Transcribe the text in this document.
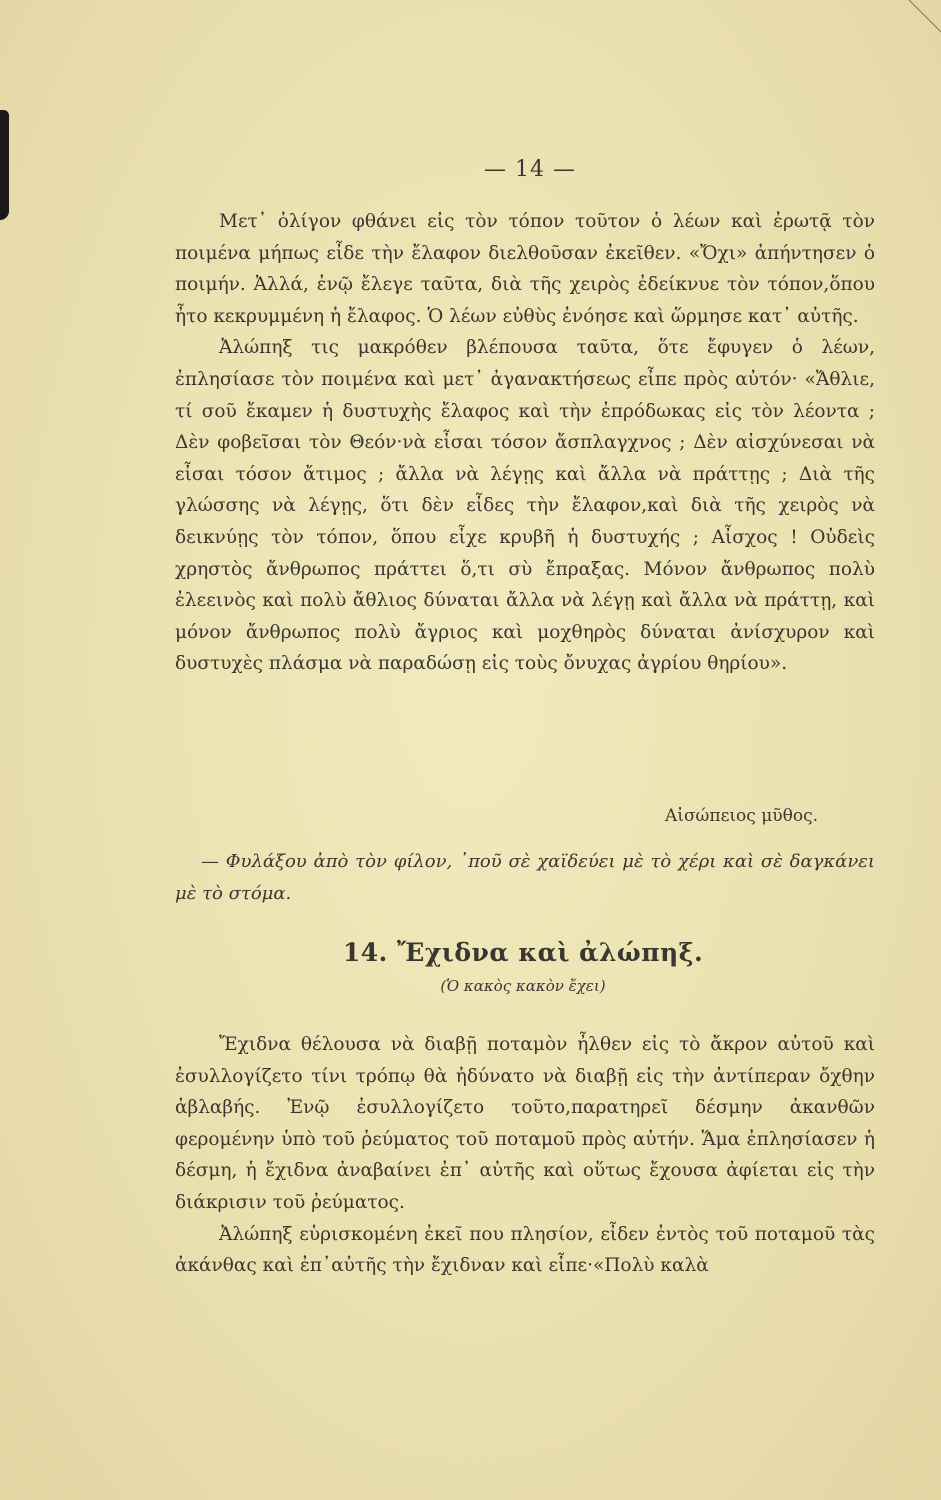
— 14 —

Μετ᾽ ὀλίγον φθάνει εἰς τὸν τόπον τοῦτον ὁ λέων καὶ ἐρωτᾷ τὸν ποιμένα μήπως εἶδε τὴν ἔλαφον διελθοῦσαν ἐκεῖθεν. «Ὄχι» ἀπήντησεν ὁ ποιμήν. Ἀλλά, ἐνῷ ἔλεγε ταῦτα, διὰ τῆς χειρὸς ἐδείκνυε τὸν τόπον,ὅπου ἦτο κεκρυμμένη ἡ ἔλαφος. Ὁ λέων εὐθὺς ἐνόησε καὶ ὥρμησε κατ᾽ αὐτῆς.

Ἀλώπηξ τις μακρόθεν βλέπουσα ταῦτα, ὅτε ἔφυγεν ὁ λέων, ἐπλησίασε τὸν ποιμένα καὶ μετ᾽ ἀγανακτήσεως εἶπε πρὸς αὐτόν· «Ἄθλιε, τί σοῦ ἔκαμεν ἡ δυστυχὴς ἔλαφος καὶ τὴν ἐπρόδωκας εἰς τὸν λέοντα ; Δὲν φοβεῖσαι τὸν Θεόν·νὰ εἶσαι τόσον ἄσπλαγχνος ; Δὲν αἰσχύνεσαι νὰ εἶσαι τόσον ἄτιμος ; ἄλλα νὰ λέγῃς καὶ ἄλλα νὰ πράττῃς ; Διὰ τῆς γλώσσης νὰ λέγῃς, ὅτι δὲν εἶδες τὴν ἔλαφον,καὶ διὰ τῆς χειρὸς νὰ δεικνύῃς τὸν τόπον, ὅπου εἶχε κρυβῆ ἡ δυστυχής ; Αἶσχος ! Οὐδεὶς χρηστὸς ἄνθρωπος πράττει ὅ,τι σὺ ἔπραξας. Μόνον ἄνθρωπος πολὺ ἐλεεινὸς καὶ πολὺ ἄθλιος δύναται ἄλλα νὰ λέγῃ καὶ ἄλλα νὰ πράττῃ, καὶ μόνον ἄνθρωπος πολὺ ἄγριος καὶ μοχθηρὸς δύναται ἀνίσχυρον καὶ δυστυχὲς πλάσμα νὰ παραδώσῃ εἰς τοὺς ὄνυχας ἀγρίου θηρίου».

Αἰσώπειος μῦθος.
— Φυλάξου ἀπὸ τὸν φίλον, ᾽ποῦ σὲ χαϊδεύει μὲ τὸ χέρι καὶ σὲ δαγκάνει μὲ τὸ στόμα.
14. Ἔχιδνα καὶ ἀλώπηξ.
(Ὁ κακὸς κακὸν ἔχει)

Ἔχιδνα θέλουσα νὰ διαβῇ ποταμὸν ἦλθεν εἰς τὸ ἄκρον αὐτοῦ καὶ ἐσυλλογίζετο τίνι τρόπῳ θὰ ἠδύνατο νὰ διαβῇ εἰς τὴν ἀντίπεραν ὄχθην ἀβλαβής. Ἐνῷ ἐσυλλογίζετο τοῦτο,παρατηρεῖ δέσμην ἀκανθῶν φερομένην ὑπὸ τοῦ ῥεύματος τοῦ ποταμοῦ πρὸς αὐτήν. Ἅμα ἐπλησίασεν ἡ δέσμη, ἡ ἔχιδνα ἀναβαίνει ἐπ᾽ αὐτῆς καὶ οὕτως ἔχουσα ἀφίεται εἰς τὴν διάκρισιν τοῦ ῥεύματος.

Ἀλώπηξ εὑρισκομένη ἐκεῖ που πλησίον, εἶδεν ἐντὸς τοῦ ποταμοῦ τὰς ἀκάνθας καὶ ἐπ᾽αὐτῆς τὴν ἔχιδναν καὶ εἶπε·«Πολὺ καλὰ
